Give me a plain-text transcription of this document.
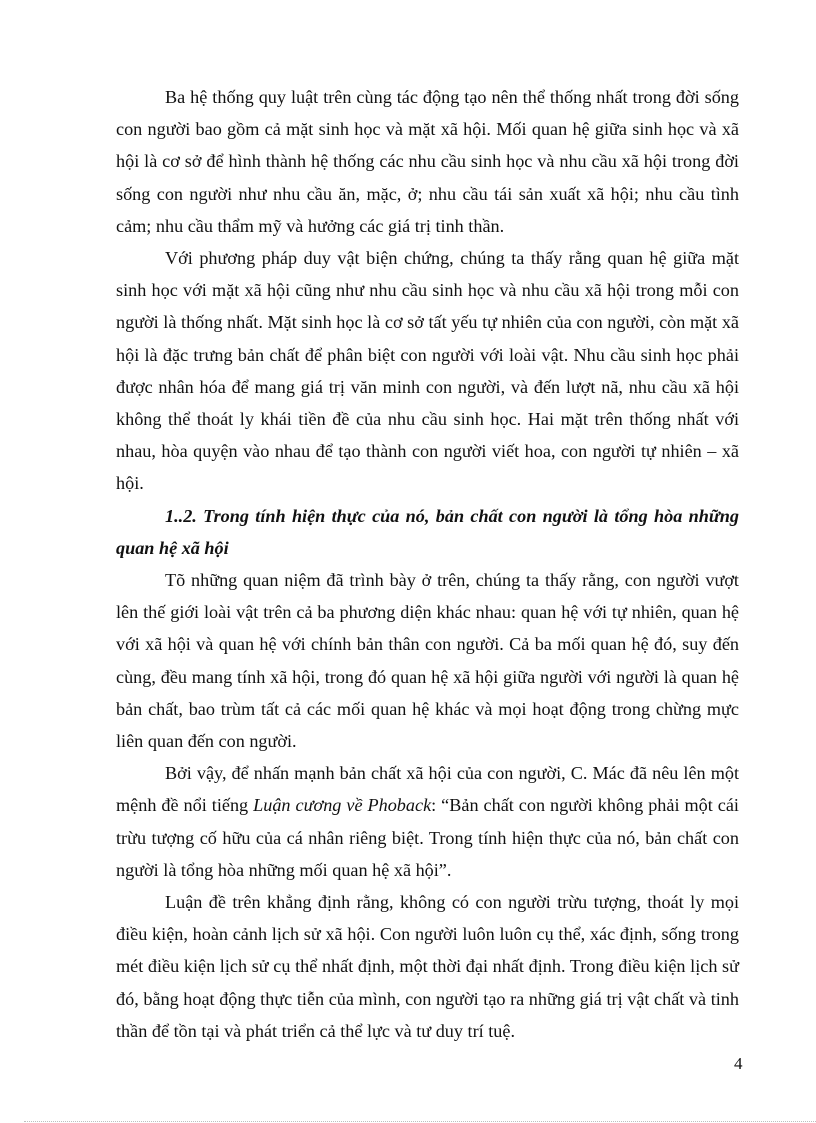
Ba hệ thống quy luật trên cùng tác động tạo nên thể thống nhất trong đời sống con người bao gồm cả mặt sinh học và mặt xã hội. Mối quan hệ giữa sinh học và xã hội là cơ sở để hình thành hệ thống các nhu cầu sinh học và nhu cầu xã hội trong đời sống con người như nhu cầu ăn, mặc, ở; nhu cầu tái sản xuất xã hội; nhu cầu tình cảm; nhu cầu thẩm mỹ và hưởng các giá trị tinh thần.

Với phương pháp duy vật biện chứng, chúng ta thấy rằng quan hệ giữa mặt sinh học với mặt xã hội cũng như nhu cầu sinh học và nhu cầu xã hội trong mỗi con người là thống nhất. Mặt sinh học là cơ sở tất yếu tự nhiên của con người, còn mặt xã hội là đặc trưng bản chất để phân biệt con người với loài vật. Nhu cầu sinh học phải được nhân hóa để mang giá trị văn minh con người, và đến lượt nã, nhu cầu xã hội không thể thoát ly khái tiền đề của nhu cầu sinh học. Hai mặt trên thống nhất với nhau, hòa quyện vào nhau để tạo thành con người viết hoa, con người tự nhiên – xã hội.

1..2. Trong tính hiện thực của nó, bản chất con người là tổng hòa những quan hệ xã hội

Tõ những quan niệm đã trình bày ở trên, chúng ta thấy rằng, con người vượt lên thế giới loài vật trên cả ba phương diện khác nhau: quan hệ với tự nhiên, quan hệ với xã hội và quan hệ với chính bản thân con người. Cả ba mối quan hệ đó, suy đến cùng, đều mang tính xã hội, trong đó quan hệ xã hội giữa người với người là quan hệ bản chất, bao trùm tất cả các mối quan hệ khác và mọi hoạt động trong chừng mực liên quan đến con người.

Bởi vậy, để nhấn mạnh bản chất xã hội của con người, C. Mác đã nêu lên một mệnh đề nổi tiếng Luận cương về Phoback: “Bản chất con người không phải một cái trừu tượng cố hữu của cá nhân riêng biệt. Trong tính hiện thực của nó, bản chất con người là tổng hòa những mối quan hệ xã hội”.

Luận đề trên khẳng định rằng, không có con người trừu tượng, thoát ly mọi điều kiện, hoàn cảnh lịch sử xã hội. Con người luôn luôn cụ thể, xác định, sống trong mét điều kiện lịch sử cụ thể nhất định, một thời đại nhất định. Trong điều kiện lịch sử đó, bằng hoạt động thực tiễn của mình, con người tạo ra những giá trị vật chất và tinh thần để tồn tại và phát triển cả thể lực và tư duy trí tuệ.

4
